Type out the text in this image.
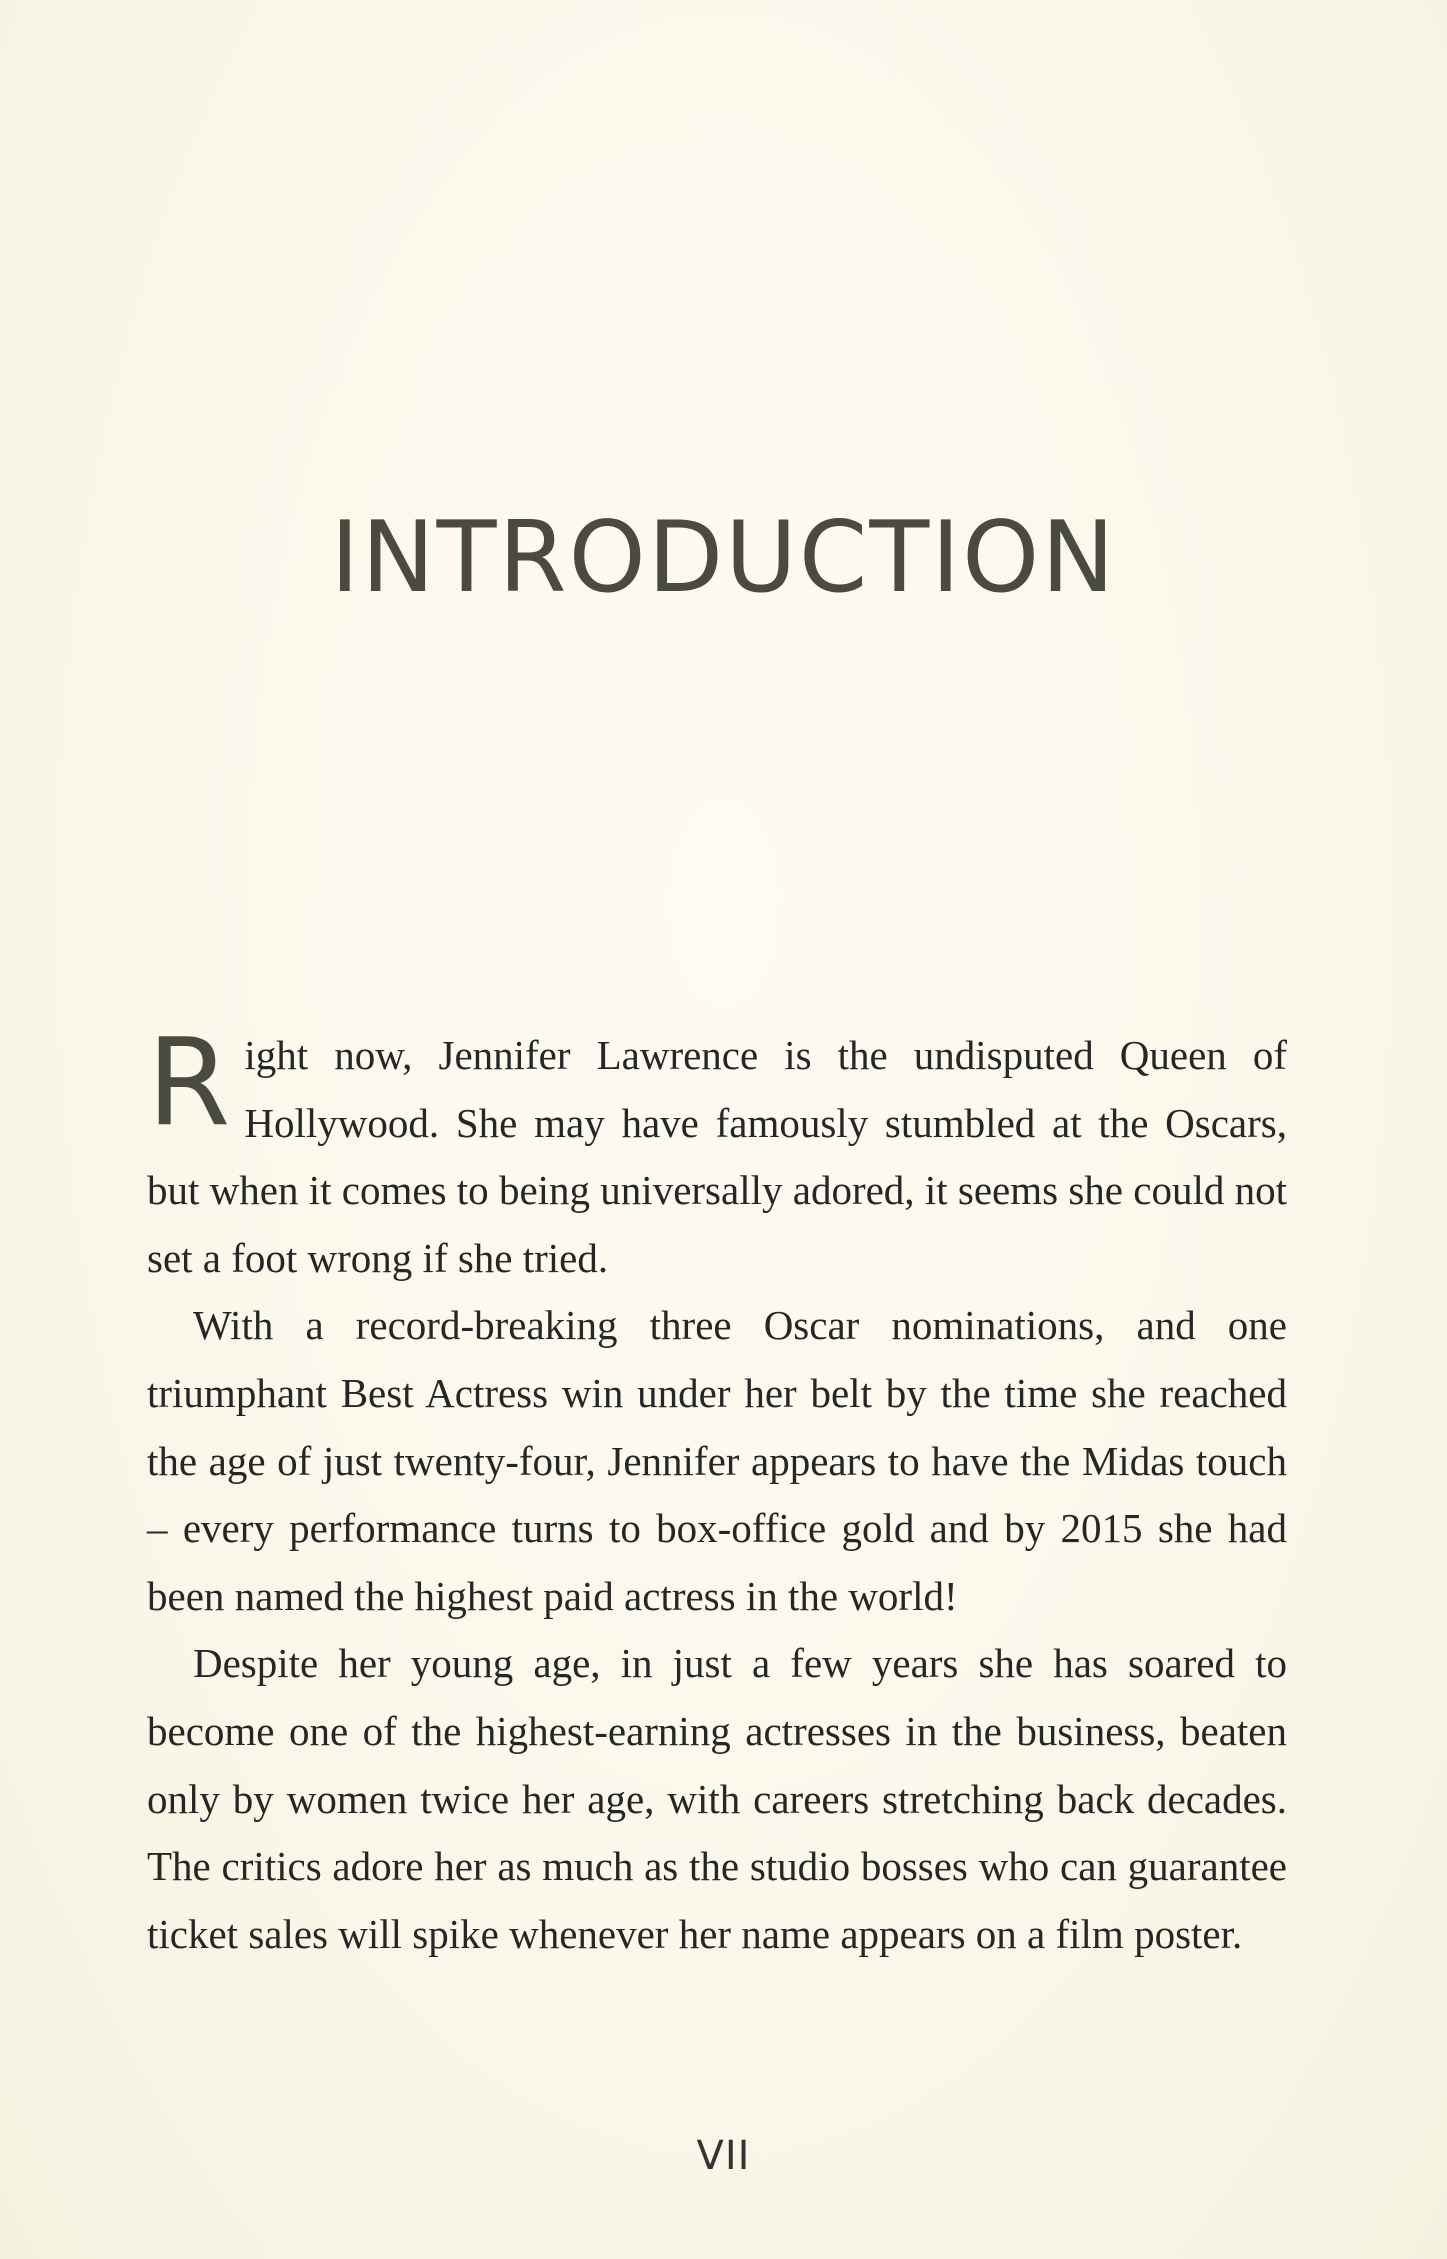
INTRODUCTION

Right now, Jennifer Lawrence is the undisputed Queen of Hollywood. She may have famously stumbled at the Oscars, but when it comes to being universally adored, it seems she could not set a foot wrong if she tried.

With a record-breaking three Oscar nominations, and one triumphant Best Actress win under her belt by the time she reached the age of just twenty-four, Jennifer appears to have the Midas touch – every performance turns to box-office gold and by 2015 she had been named the highest paid actress in the world!

Despite her young age, in just a few years she has soared to become one of the highest-earning actresses in the business, beaten only by women twice her age, with careers stretching back decades. The critics adore her as much as the studio bosses who can guarantee ticket sales will spike whenever her name appears on a film poster.

VII
